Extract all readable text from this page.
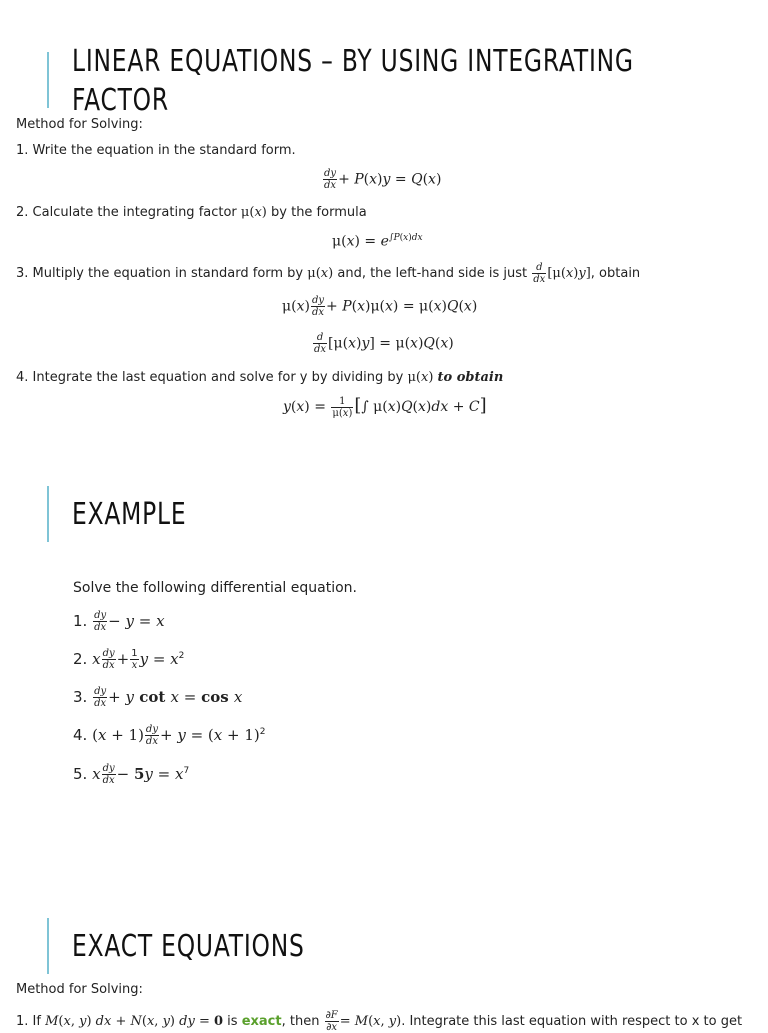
LINEAR EQUATIONS – BY USING INTEGRATING
FACTOR
Method for Solving:
1. Write the equation in the standard form.
$\frac{dy}{dx} + P(x)y = Q(x)$
2. Calculate the integrating factor μ(x) by the formula
$\mu(x) = e^{\int P(x)dx}$
3. Multiply the equation in standard form by μ(x) and, the left-hand side is just $\frac{d}{dx} [\mu(x)y]$, obtain
$\mu(x) \frac{dy}{dx} + P(x)\mu(x) = \mu(x)Q(x)$
$\frac{d}{dx} [\mu(x)y] = \mu(x)Q(x)$
4. Integrate the last equation and solve for y by dividing by μ(x) to obtain
$y(x) = \frac{1}{\mu(x)}$ [∫ μ(x)Q(x)dx + C]
EXAMPLE
Solve the following differential equation.
1. $\frac{dy}{dx} - y = x$
2. x $\frac{dy}{dx} + \frac{1}{x}$ $y = x^2$
3. $\frac{dy}{dx} + y$ cot x = cos x
4. $(x + 1) \frac{dy}{dx} + y = (x + 1)^2$
5. x $\frac{dy}{dx} - 5y = x^7$
EXACT EQUATIONS
Method for Solving:
1. If M(x, y) dx + N(x, y) dy = 0 is exact, then $\frac{\partial F}{\partial x} = M(x$, y). Integrate this last equation with respect to x to get
